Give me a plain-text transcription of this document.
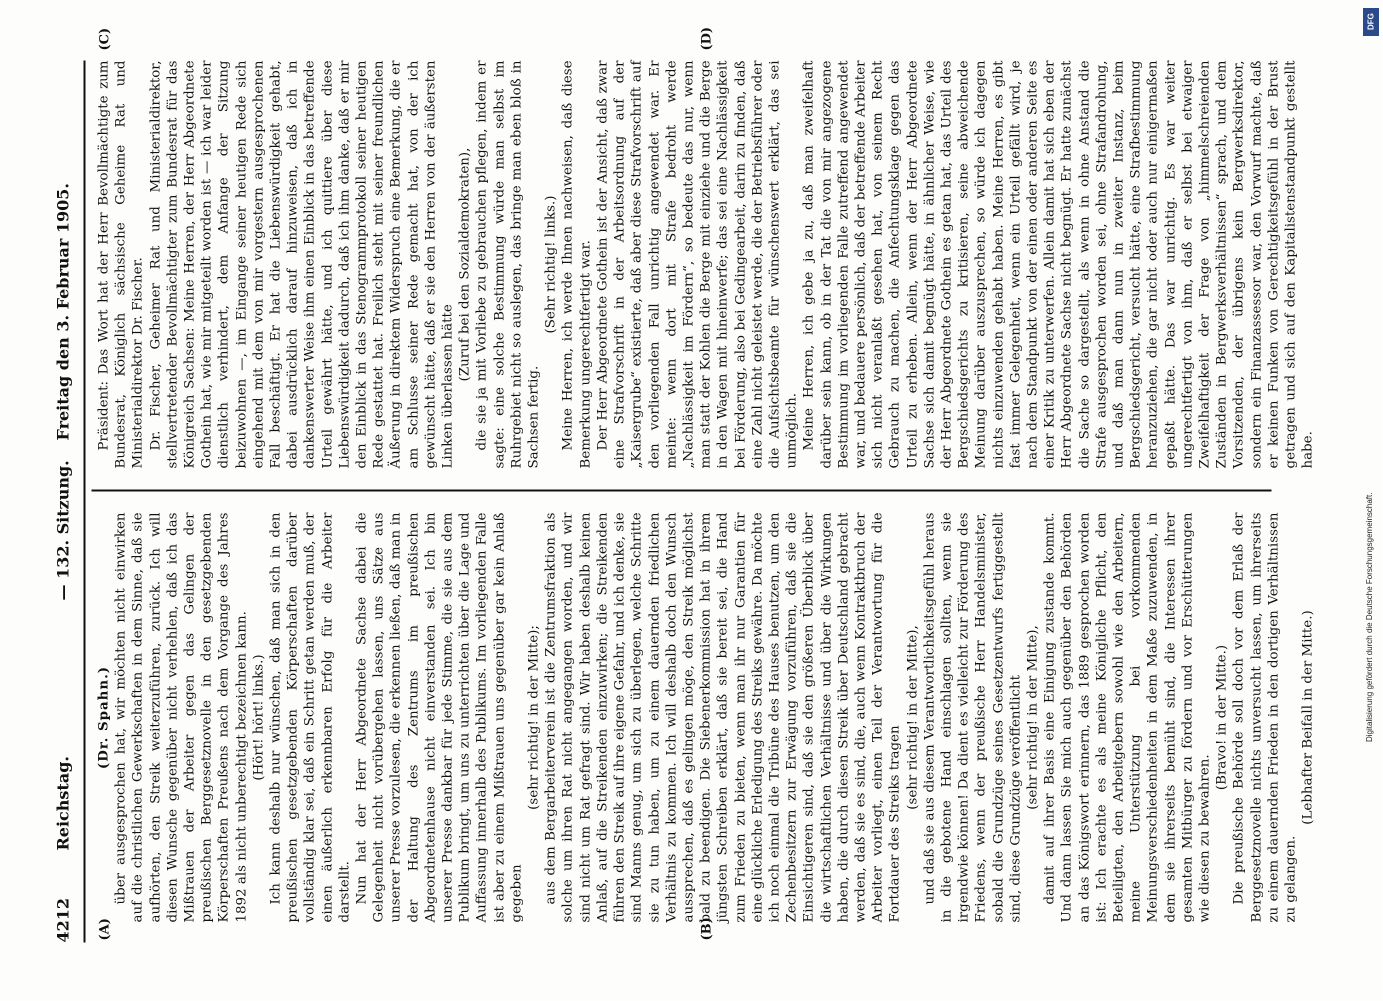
4212
Reichstag.
— 132. Sitzung.
Freitag den 3. Februar 1905.
(A)	(B)
(C)	(D)

(Dr. Spahn.) über ausgesprochen hat, wir möchten nicht einwirken auf die christlichen Gewerkschaften in dem Sinne, daß sie aufhörten, den Streik weiterzuführen, zurück. Ich will diesen Wunsche gegenüber nicht verhehlen, daß ich das Mißtrauen der Arbeiter gegen das Gelingen der preußischen Berggesetznovelle in den gesetzgebenden Körperschaften Preußens nach dem Vorgange des Jahres 1892 als nicht unberechtigt bezeichnen kann. (Hört! hört! links.) Ich kann deshalb nur wünschen, daß man sich in den preußischen gesetzgebenden Körperschaften darüber vollständig klar sei, daß ein Schritt getan werden muß, der einen äußerlich erkennbaren Erfolg für die Arbeiter darstellt. Nun hat der Herr Abgeordnete Sachse dabei die Gelegenheit nicht vorübergehen lassen, uns Sätze aus unserer Presse vorzulesen, die erkennen ließen, daß man in der Haltung des Zentrums im preußischen Abgeordnetenhause nicht einverstanden sei. Ich bin unserer Presse dankbar für jede Stimme, die sie aus dem Publikum bringt, um uns zu unterrichten über die Lage und Auffassung innerhalb des Publikums. Im vorliegenden Falle ist aber zu einem Mißtrauen uns gegenüber gar kein Anlaß gegeben

(sehr richtig! in der Mitte); aus dem Bergarbeiterverein ist die Zentrumsfraktion als solche um ihren Rat nicht angegangen worden, und wir sind nicht um Rat gefragt sind. Wir haben deshalb keinen Anlaß, auf die Streikenden einzuwirken; die Streikenden führen den Streik auf ihre eigene Gefahr, und ich denke, sie sind Manns genug, um sich zu überlegen, welche Schritte sie zu tun haben, um zu einem dauernden friedlichen Verhältnis zu kommen. Ich will deshalb doch den Wunsch aussprechen, daß es gelingen möge, den Streik möglichst bald zu beendigen. Die Siebenerkommission hat in ihrem jüngsten Schreiben erklärt, daß sie bereit sei, die Hand zum Frieden zu bieten, wenn man ihr nur Garantien für eine glückliche Erledigung des Streiks gewähre. Da möchte ich noch einmal die Tribüne des Hauses benutzen, um den Zechenbesitzern zur Erwägung vorzuführen, daß sie die Einsichtigeren sind, daß sie den größeren Überblick über die wirtschaftlichen Verhältnisse und über die Wirkungen haben, die durch diesen Streik über Deutschland gebracht werden, daß sie es sind, die, auch wenn Kontraktbruch der Arbeiter vorliegt, einen Teil der Verantwortung für die Fortdauer des Streiks tragen

(sehr richtig! in der Mitte), und daß sie aus diesem Verantwortlichkeitsgefühl heraus in die gebotene Hand einschlagen sollten, wenn sie irgendwie können! Da dient es vielleicht zur Förderung des Friedens, wenn der preußische Herr Handelsminister, sobald die Grundzüge seines Gesetzentwurfs fertiggestellt sind, diese Grundzüge veröffentlicht (sehr richtig! in der Mitte), damit auf ihrer Basis eine Einigung zustande kommt. Und dann lassen Sie mich auch gegenüber den Behörden an das Königswort erinnern, das 1889 gesprochen worden ist: Ich erachte es als meine Königliche Pflicht, den Beteiligten, den Arbeitgebern sowohl wie den Arbeitern, meine Unterstützung bei vorkommenden Meinungsverschiedenheiten in dem Maße zuzuwenden, in dem sie ihrerseits bemüht sind, die Interessen ihrer gesamten Mitbürger zu fördern und vor Erschütterungen wie diesen zu bewahren.

(Bravo! in der Mitte.) Die preußische Behörde soll doch vor dem Erlaß der Berggesetznovelle nichts unversucht lassen, um ihrerseits zu einem dauernden Frieden in den dortigen Verhältnissen zu gelangen.

(Lebhafter Beifall in der Mitte.)

Präsident: Das Wort hat der Herr Bevollmächtigte zum Bundesrat, Königlich sächsische Geheime Rat und Ministerialdirektor Dr. Fischer. Dr. Fischer, Geheimer Rat und Ministerialdirektor, stellvertretender Bevollmächtigter zum Bundesrat für das Königreich Sachsen: Meine Herren, der Herr Abgeordnete Gothein hat, wie mir mitgeteilt worden ist — ich war leider dienstlich verhindert, dem Anfange der Sitzung beizuwohnen —, im Eingange seiner heutigen Rede sich eingehend mit dem von mir vorgestern ausgesprochenen Fall beschäftigt. Er hat die Liebenswürdigkeit gehabt, dabei ausdrücklich darauf hinzuweisen, daß ich in dankenswerter Weise ihm einen Einblick in das betreffende Urteil gewährt hätte, und ich quittiere über diese Liebenswürdigkeit dadurch, daß ich ihm danke, daß er mir den Einblick in das Stenogrammprotokoll seiner heutigen Rede gestattet hat. Freilich steht mit seiner freundlichen Äußerung in direktem Widerspruch eine Bemerkung, die er am Schlusse seiner Rede gemacht hat, von der ich gewünscht hätte, daß er sie den Herren von der äußersten Linken überlassen hätte

(Zuruf bei den Sozialdemokraten), die sie ja mit Vorliebe zu gebrauchen pflegen, indem er sagte: eine solche Bestimmung würde man selbst im Ruhrgebiet nicht so auslegen, das bringe man eben bloß in Sachsen fertig.

(Sehr richtig! links.) Meine Herren, ich werde Ihnen nachweisen, daß diese Bemerkung ungerechtfertigt war. Der Herr Abgeordnete Gothein ist der Ansicht, daß zwar eine Strafvorschrift in der Arbeitsordnung auf der „Kaisergrube“ existierte, daß aber diese Strafvorschrift auf den vorliegenden Fall unrichtig angewendet war. Er meinte: wenn dort mit Strafe bedroht werde „Nachlässigkeit im Fördern“, so bedeute das nur, wenn man statt der Kohlen die Berge mit einziehe und die Berge in den Wagen mit hineinwerfe; das sei eine Nachlässigkeit bei Förderung, also bei Gedingearbeit, darin zu finden, daß eine Zahl nicht geleistet werde, die der Betriebsführer oder die Aufsichtsbeamte für wünschenswert erklärt, das sei unmöglich. Meine Herren, ich gebe ja zu, daß man zweifelhaft darüber sein kann, ob in der Tat die von mir angezogene Bestimmung im vorliegenden Falle zutreffend angewendet war, und bedauere persönlich, daß der betreffende Arbeiter sich nicht veranlaßt gesehen hat, von seinem Recht Gebrauch zu machen, die Anfechtungsklage gegen das Urteil zu erheben. Allein, wenn der Herr Abgeordnete Sachse sich damit begnügt hätte, in ähnlicher Weise, wie der Herr Abgeordnete Gothein es getan hat, das Urteil des Bergschiedsgerichts zu kritisieren, seine abweichende Meinung darüber auszusprechen, so würde ich dagegen nichts einzuwenden gehabt haben. Meine Herren, es gibt fast immer Gelegenheit, wenn ein Urteil gefällt wird, je nach dem Standpunkt von der einen oder anderen Seite es einer Kritik zu unterwerfen. Allein damit hat sich eben der Herr Abgeordnete Sachse nicht begnügt. Er hatte zunächst die Sache so dargestellt, als wenn in ohne Anstand die Strafe ausgesprochen worden sei, ohne Strafandrohung, und daß man dann nun in zweiter Instanz, beim Bergschiedsgericht, versucht hätte, eine Strafbestimmung heranzuziehen, die gar nicht oder auch nur einigermaßen gepaßt hätte. Das war unrichtig. Es war weiter ungerechtfertigt von ihm, daß er selbst bei etwaiger Zweifelhaftigkeit der Frage von „himmelschreienden Zuständen in Bergwerksverhältnissen“ sprach, und dem Vorsitzenden, der übrigens kein Bergwerksdirektor, sondern ein Finanzassessor war, den Vorwurf machte, daß er keinen Funken von Gerechtigkeitsgefühl in der Brust getragen und sich auf den Kapitalistenstandpunkt gestellt habe.

DFG
Digitalisierung gefördert durch die Deutsche Forschungsgemeinschaft.
